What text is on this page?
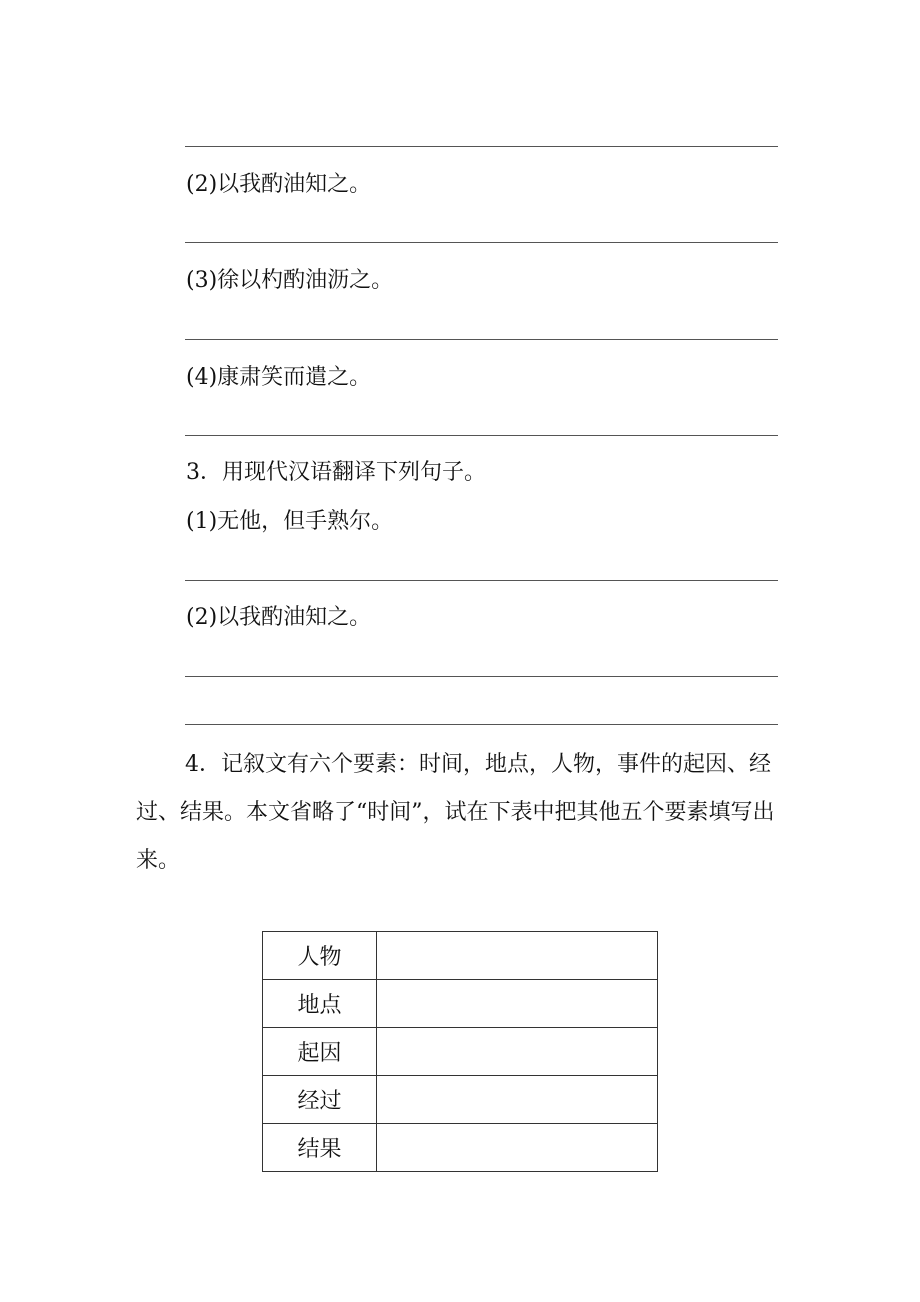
(2)以我酌油知之。

(3)徐以杓酌油沥之。

(4)康肃笑而遣之。

3．用现代汉语翻译下列句子。

(1)无他，但手熟尔。

(2)以我酌油知之。

4．记叙文有六个要素：时间，地点，人物，事件的起因、经过、结果。本文省略了“时间”，试在下表中把其他五个要素填写出来。

人物	
地点	
起因	
经过	
结果	
